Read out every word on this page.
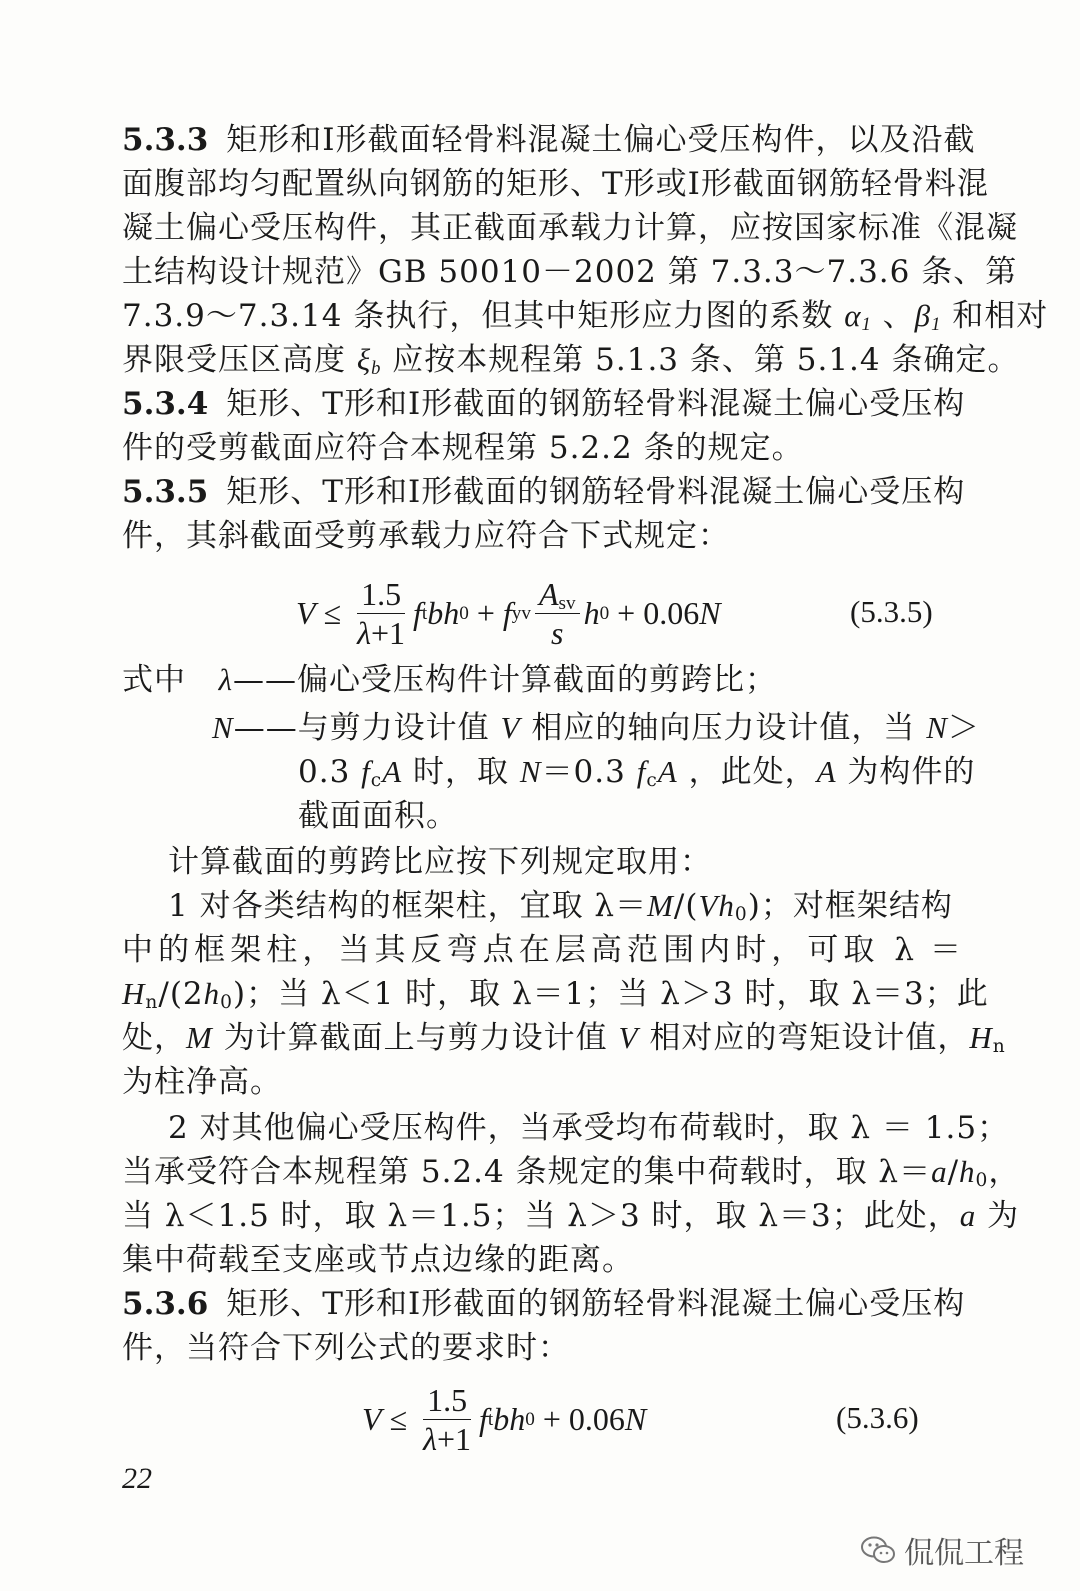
5.3.3 矩形和I形截面轻骨料混凝土偏心受压构件，以及沿截
面腹部均匀配置纵向钢筋的矩形、T形或I形截面钢筋轻骨料混
凝土偏心受压构件，其正截面承载力计算，应按国家标准《混凝
土结构设计规范》GB 50010－2002 第 7.3.3～7.3.6 条、第
7.3.9～7.3.14 条执行，但其中矩形应力图的系数 $\alpha_1$ 、$\beta_1$ 和相对
界限受压区高度 $\xi_b$ 应按本规程第 5.1.3 条、第 5.1.4 条确定。
5.3.4 矩形、T形和I形截面的钢筋轻骨料混凝土偏心受压构
件的受剪截面应符合本规程第 5.2.2 条的规定。
5.3.5 矩形、T形和I形截面的钢筋轻骨料混凝土偏心受压构
件，其斜截面受剪承载力应符合下式规定：
$V \le \frac{1.5}{\lambda+1}$ f t bh 0 + f yv $\frac{A_{sv}}{s}$ h 0 + 0.06 N	(5.3.5)
式中 λ——偏心受压构件计算截面的剪跨比；
N——与剪力设计值 V 相应的轴向压力设计值，当 N＞
0.3 $f_cA$ 时，取 N＝0.3 $f_cA$ ，此处，A 为构件的
截面面积。
计算截面的剪跨比应按下列规定取用：
1 对各类结构的框架柱，宜取 $\lambda=M/(Vh_0)$；对框架结构
中的框架柱，当其反弯点在层高范围内时，可取 λ ＝
$H_n/(2h_0)$；当 λ＜1 时，取 λ＝1；当 λ＞3 时，取 λ＝3；此
处，M 为计算截面上与剪力设计值 V 相对应的弯矩设计值，$H_n$
为柱净高。
2 对其他偏心受压构件，当承受均布荷载时，取 λ ＝ 1.5；
当承受符合本规程第 5.2.4 条规定的集中荷载时，取 $\lambda=a/h_0$，
当 λ＜1.5 时，取 λ＝1.5；当 λ＞3 时，取 λ＝3；此处，a 为
集中荷载至支座或节点边缘的距离。
5.3.6 矩形、T形和I形截面的钢筋轻骨料混凝土偏心受压构
件，当符合下列公式的要求时：
$V \le \frac{1.5}{\lambda+1}$ f t bh 0 + 0.06 N	(5.3.6)
22
侃侃工程
